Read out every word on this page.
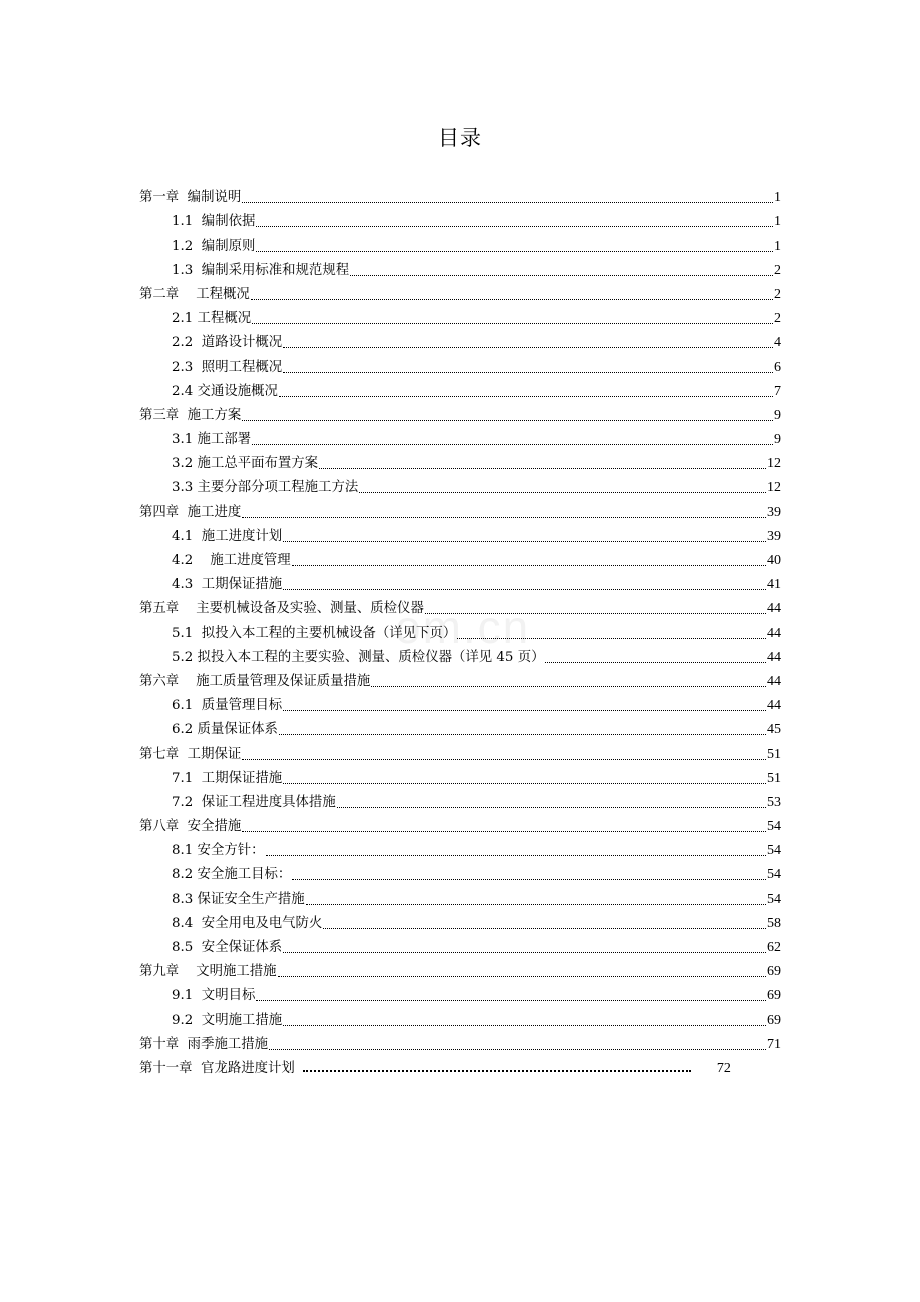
om.cn
目录
第一章  编制说明	1
1.1  编制依据	1
1.2  编制原则	1
1.3  编制采用标准和规范规程	2
第二章    工程概况	2
2.1 工程概况	2
2.2  道路设计概况	4
2.3  照明工程概况	6
2.4 交通设施概况	7
第三章  施工方案	9
3.1 施工部署	9
3.2 施工总平面布置方案	12
3.3 主要分部分项工程施工方法	12
第四章  施工进度	39
4.1  施工进度计划	39
4.2    施工进度管理	40
4.3  工期保证措施	41
第五章    主要机械设备及实验、测量、质检仪器	44
5.1  拟投入本工程的主要机械设备（详见下页）	44
5.2 拟投入本工程的主要实验、测量、质检仪器（详见 45 页）	44
第六章    施工质量管理及保证质量措施	44
6.1  质量管理目标	44
6.2 质量保证体系	45
第七章  工期保证	51
7.1  工期保证措施	51
7.2  保证工程进度具体措施	53
第八章  安全措施	54
8.1 安全方针：	54
8.2 安全施工目标：	54
8.3 保证安全生产措施	54
8.4  安全用电及电气防火	58
8.5  安全保证体系	62
第九章    文明施工措施	69
9.1  文明目标	69
9.2  文明施工措施	69
第十章  雨季施工措施	71
第十一章  官龙路进度计划	72
